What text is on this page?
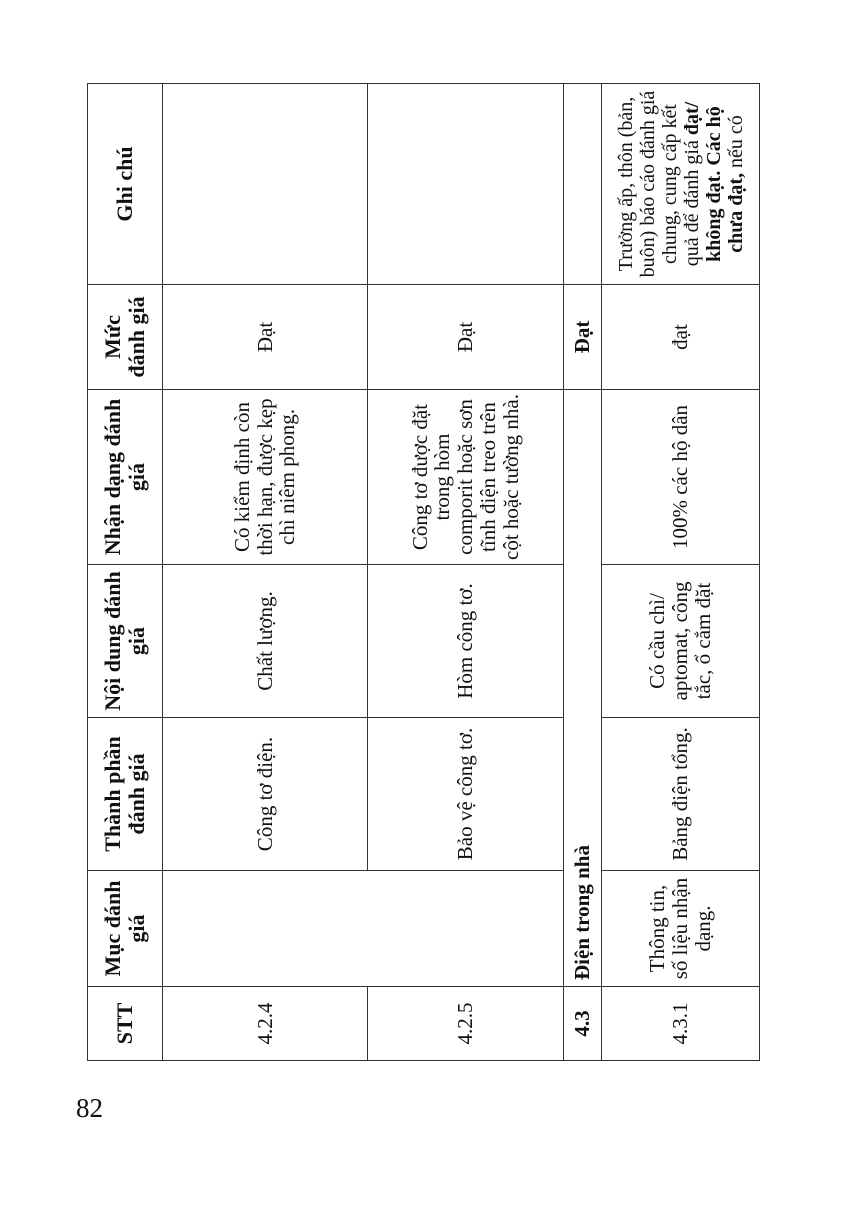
82
STT	Mục đánh giá	Thành phần đánh giá	Nội dung đánh giá	Nhận dạng đánh giá	Mức đánh giá	Ghi chú
4.2.4		Công tơ điện.	Chất lượng.	Có kiểm định còn thời hạn, được kẹp chì niêm phong.	Đạt	
4.2.5		Bảo vệ công tơ.	Hòm công tơ.	Công tơ được đặt trong hòm comporit hoặc sơn tĩnh điện treo trên cột hoặc tường nhà.	Đạt	
4.3	Điện trong nhà				Đạt	
4.3.1	Thông tin, số liệu nhận dạng.	Bảng điện tổng.	Có cầu chì/ aptomat, công tắc, ổ cắm đặt	100% các hộ dân	đạt	Trưởng ấp, thôn (bản, buôn) báo cáo đánh giá chung, cung cấp kết quả để đánh giá đạt/ không đạt. Các hộ chưa đạt, nếu có
